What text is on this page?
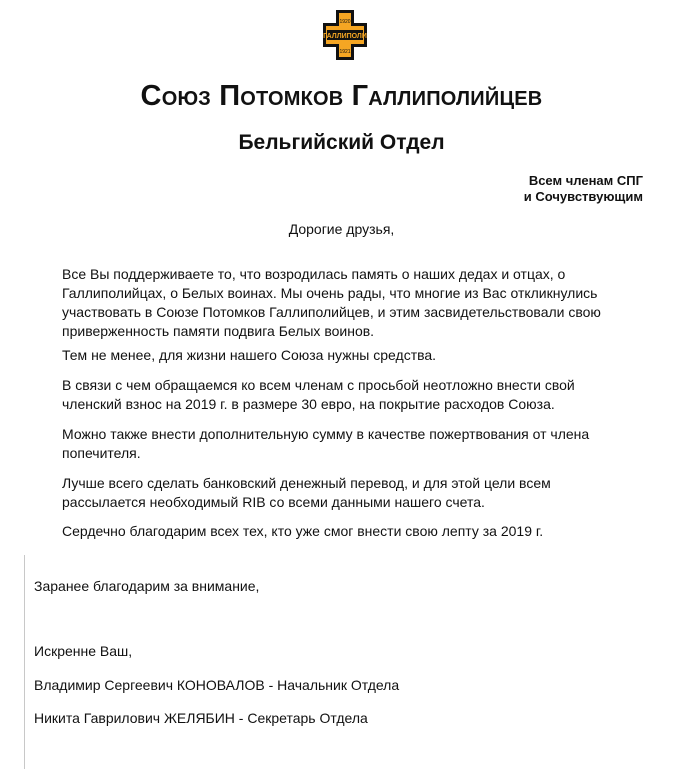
1920
ГАЛЛИПОЛИ
1921
Союз Потомков Галлиполийцев
Бельгийский Отдел
Всем членам СПГ
и Сочувствующим
Дорогие друзья,
Все Вы поддерживаете то, что возродилась память о наших дедах и отцах, о
Галлиполийцах, о Белых воинах. Мы очень рады, что многие из Вас откликнулись
участвовать в Союзе Потомков Галлиполийцев, и этим засвидетельствовали свою
приверженность памяти подвига Белых воинов.
Тем не менее, для жизни нашего Союза нужны средства.
В связи с чем обращаемся ко всем членам с просьбой неотложно внести свой
членский взнос на 2019 г. в размере 30 евро, на покрытие расходов Союза.
Можно также внести дополнительную сумму в качестве пожертвования от члена
попечителя.
Лучше всего сделать банковский денежный перевод, и для этой цели всем
рассылается необходимый RIB со всеми данными нашего счета.
Сердечно благодарим всех тех, кто уже смог внести свою лепту за 2019 г.
Заранее благодарим за внимание,
Искренне Ваш,
Владимир Сергеевич КОНОВАЛОВ - Начальник Отдела
Никита Гаврилович ЖЕЛЯБИН - Секретарь Отдела
